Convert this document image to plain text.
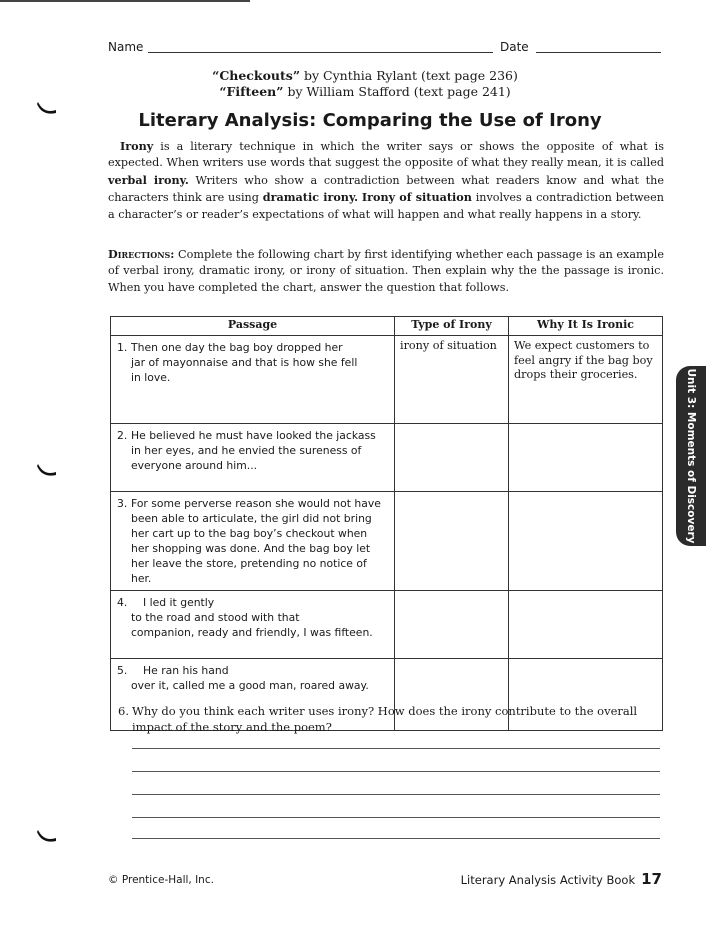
Name	Date
“Checkouts” by Cynthia Rylant (text page 236)
“Fifteen” by William Stafford (text page 241)
Literary Analysis: Comparing the Use of Irony
Irony is a literary technique in which the writer says or shows the opposite of what is expected. When writers use words that suggest the opposite of what they really mean, it is called verbal irony. Writers who show a contradiction between what readers know and what the characters think are using dramatic irony. Irony of situation involves a contradiction between a character’s or reader’s expectations of what will happen and what really happens in a story.
Directions: Complete the following chart by first identifying whether each passage is an example of verbal irony, dramatic irony, or irony of situation. Then explain why the the passage is ironic. When you have completed the chart, answer the question that follows.
Passage	Type of Irony	Why It Is Ironic

1. Then one day the bag boy dropped her
jar of mayonnaise and that is how she fell
in love.	irony of situation	We expect customers to feel angry if the bag boy drops their groceries.

2. He believed he must have looked the jackass
in her eyes, and he envied the sureness of
everyone around him...		

3. For some perverse reason she would not have
been able to articulate, the girl did not bring
her cart up to the bag boy’s checkout when
her shopping was done. And the bag boy let
her leave the store, pretending no notice of her.		

4. I led it gently
to the road and stood with that
companion, ready and friendly, I was fifteen.		

5. He ran his hand
over it, called me a good man, roared away.		

6. Why do you think each writer uses irony? How does the irony contribute to the overall impact of the story and the poem?
Unit 3: Moments of Discovery
© Prentice-Hall, Inc.	Literary Analysis Activity Book 17
